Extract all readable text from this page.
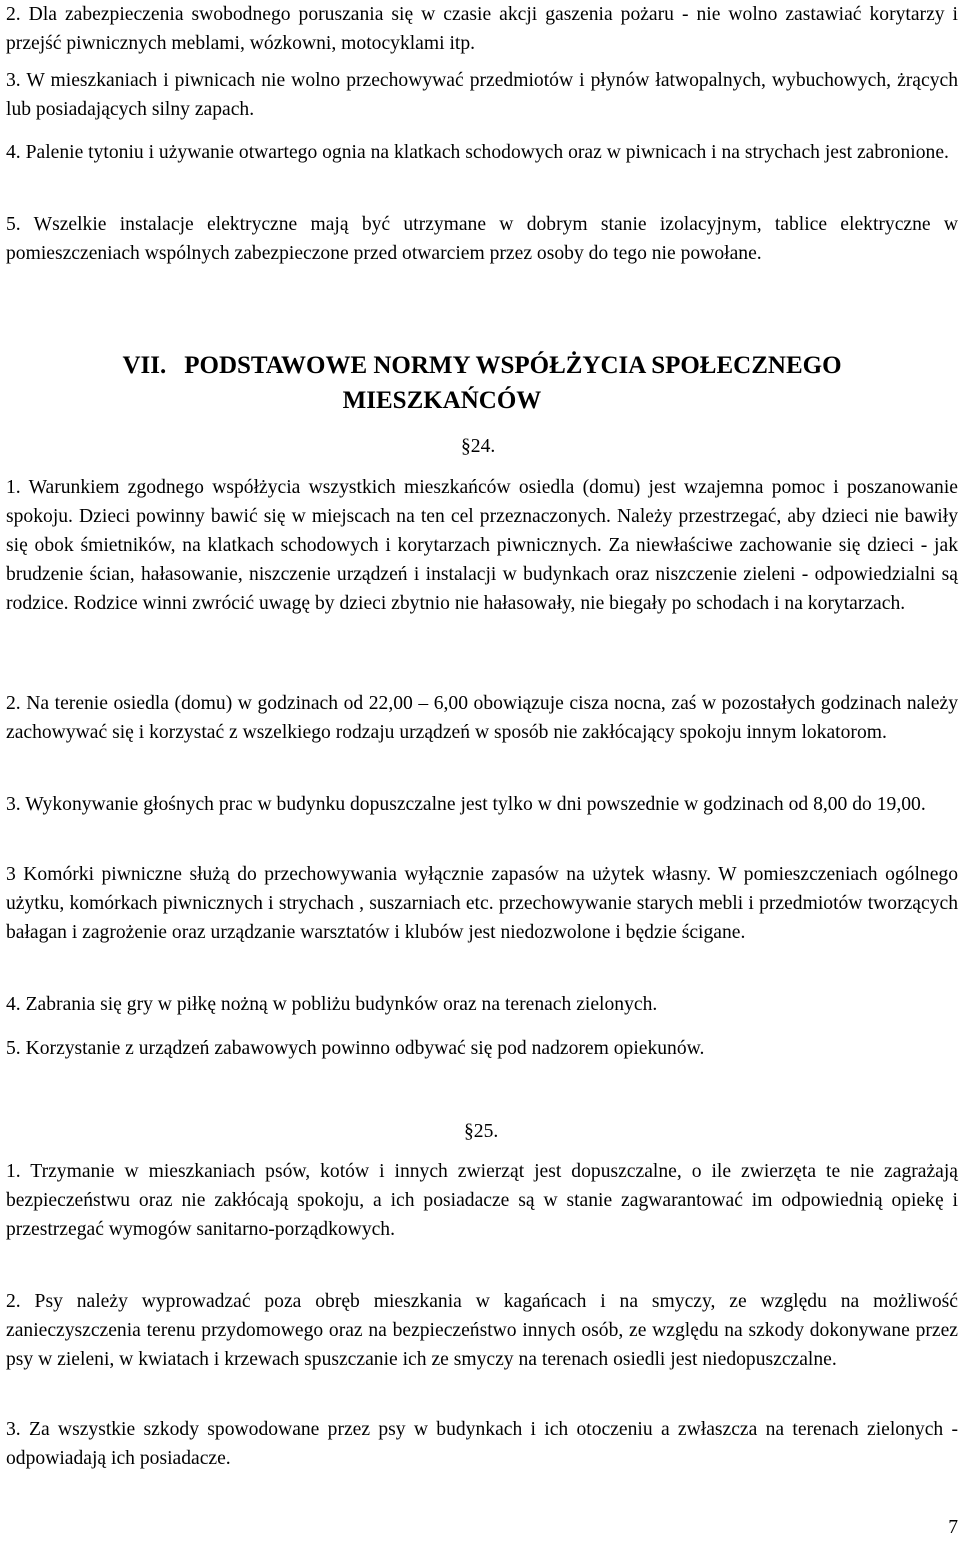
2. Dla zabezpieczenia swobodnego poruszania się w czasie akcji gaszenia pożaru - nie wolno zastawiać korytarzy i przejść piwnicznych meblami, wózkowni, motocyklami itp.

3. W mieszkaniach i piwnicach nie wolno przechowywać przedmiotów i płynów łatwopalnych, wybuchowych, żrących lub posiadających silny zapach.

4. Palenie tytoniu i używanie otwartego ognia na klatkach schodowych oraz w piwnicach i na strychach jest zabronione.

5. Wszelkie instalacje elektryczne mają być utrzymane w dobrym stanie izolacyjnym, tablice elektryczne w pomieszczeniach wspólnych zabezpieczone przed otwarciem przez osoby do tego nie powołane.

VII. PODSTAWOWE NORMY WSPÓŁŻYCIA SPOŁECZNEGO
MIESZKAŃCÓW
§24.

1. Warunkiem zgodnego współżycia wszystkich mieszkańców osiedla (domu) jest wzajemna pomoc i poszanowanie spokoju. Dzieci powinny bawić się w miejscach na ten cel przeznaczonych. Należy przestrzegać, aby dzieci nie bawiły się obok śmietników, na klatkach schodowych i korytarzach piwnicznych. Za niewłaściwe zachowanie się dzieci - jak brudzenie ścian, hałasowanie, niszczenie urządzeń i instalacji w budynkach oraz niszczenie zieleni - odpowiedzialni są rodzice. Rodzice winni zwrócić uwagę by dzieci zbytnio nie hałasowały, nie biegały po schodach i na korytarzach.

2. Na terenie osiedla (domu) w godzinach od 22,00 – 6,00 obowiązuje cisza nocna, zaś w pozostałych godzinach należy zachowywać się i korzystać z wszelkiego rodzaju urządzeń w sposób nie zakłócający spokoju innym lokatorom.

3. Wykonywanie głośnych prac w budynku dopuszczalne jest tylko w dni powszednie w godzinach od 8,00 do 19,00.

3 Komórki piwniczne służą do przechowywania wyłącznie zapasów na użytek własny. W pomieszczeniach ogólnego użytku, komórkach piwnicznych i strychach , suszarniach etc. przechowywanie starych mebli i przedmiotów tworzących bałagan i zagrożenie oraz urządzanie warsztatów i klubów jest niedozwolone i będzie ścigane.

4. Zabrania się gry w piłkę nożną w pobliżu budynków oraz na terenach zielonych.

5. Korzystanie z urządzeń zabawowych powinno odbywać się pod nadzorem opiekunów.

§25.

1. Trzymanie w mieszkaniach psów, kotów i innych zwierząt jest dopuszczalne, o ile zwierzęta te nie zagrażają bezpieczeństwu oraz nie zakłócają spokoju, a ich posiadacze są w stanie zagwarantować im odpowiednią opiekę i przestrzegać wymogów sanitarno-porządkowych.

2. Psy należy wyprowadzać poza obręb mieszkania w kagańcach i na smyczy, ze względu na możliwość zanieczyszczenia terenu przydomowego oraz na bezpieczeństwo innych osób, ze względu na szkody dokonywane przez psy w zieleni, w kwiatach i krzewach spuszczanie ich ze smyczy na terenach osiedli jest niedopuszczalne.

3. Za wszystkie szkody spowodowane przez psy w budynkach i ich otoczeniu a zwłaszcza na terenach zielonych - odpowiadają ich posiadacze.

7
